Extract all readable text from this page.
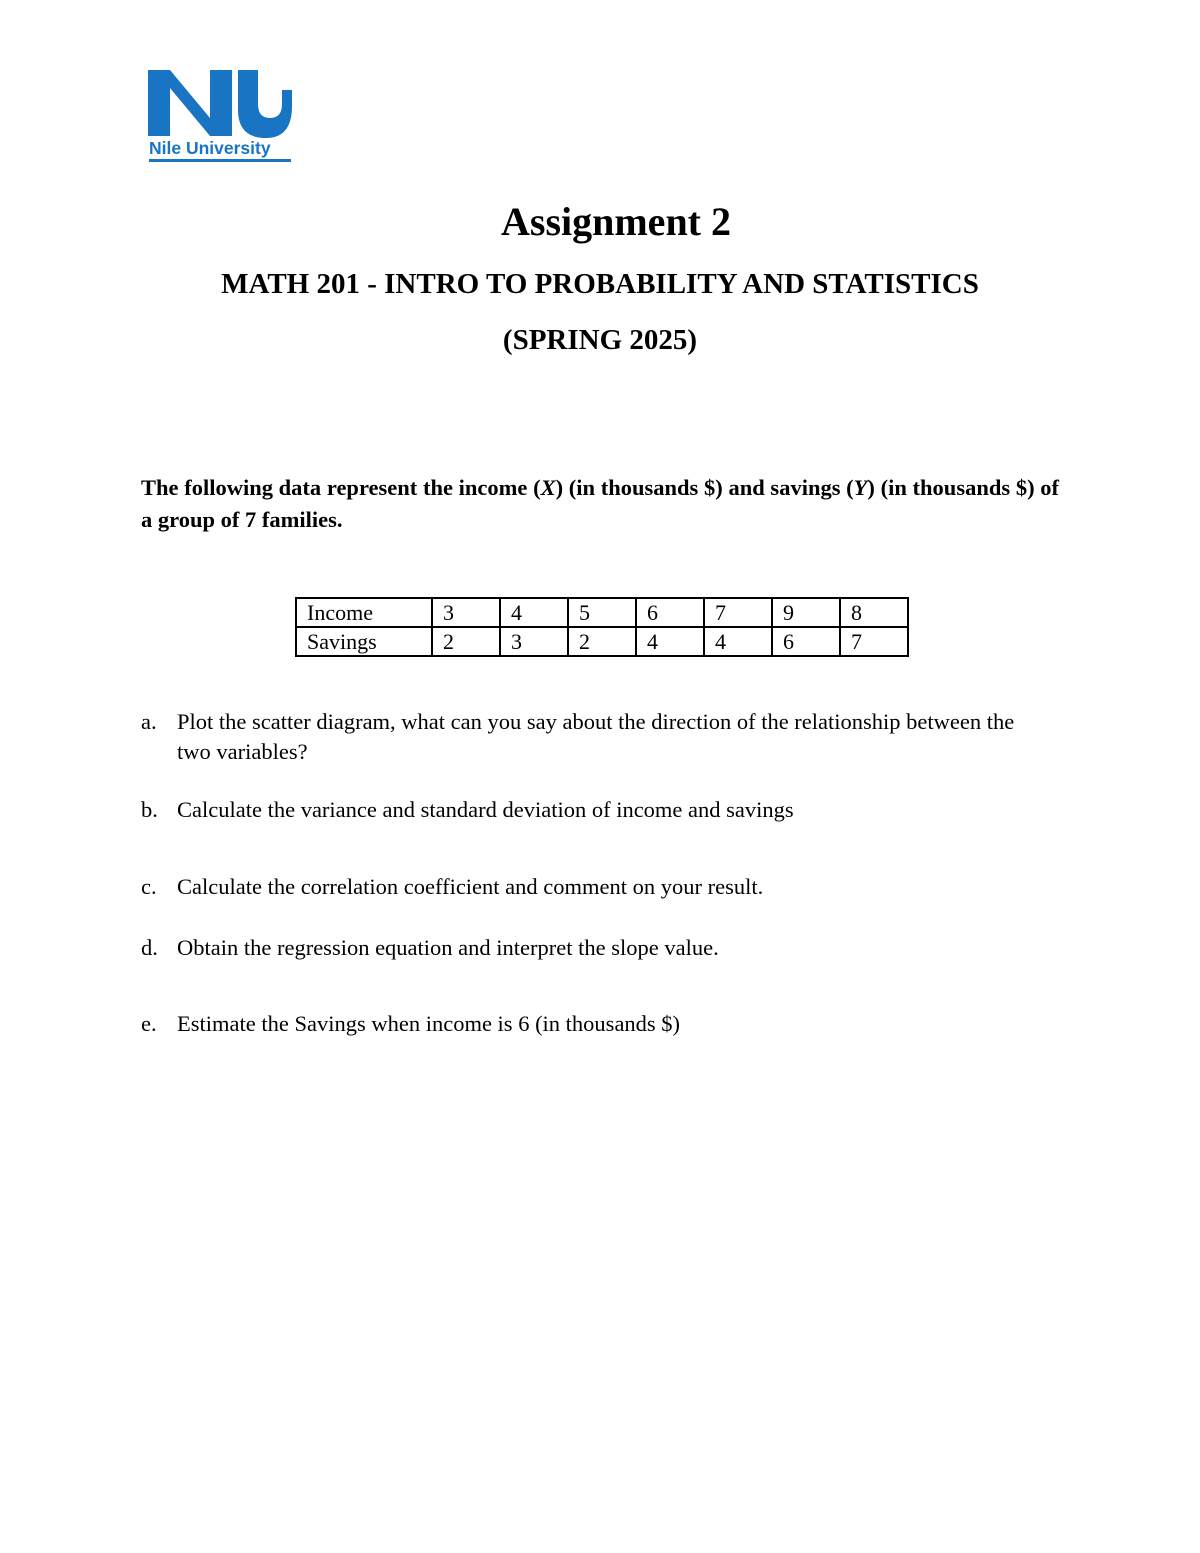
Nile University
Assignment 2
MATH 201 - INTRO TO PROBABILITY AND STATISTICS
(SPRING 2025)

The following data represent the income (X) (in thousands $) and savings (Y) (in thousands $) of a group of 7 families.

Income	3	4	5	6	7	9	8
Savings	2	3	2	4	4	6	7

a. Plot the scatter diagram, what can you say about the direction of the relationship between the two variables?

b. Calculate the variance and standard deviation of income and savings

c. Calculate the correlation coefficient and comment on your result.

d. Obtain the regression equation and interpret the slope value.

e. Estimate the Savings when income is 6 (in thousands $)
